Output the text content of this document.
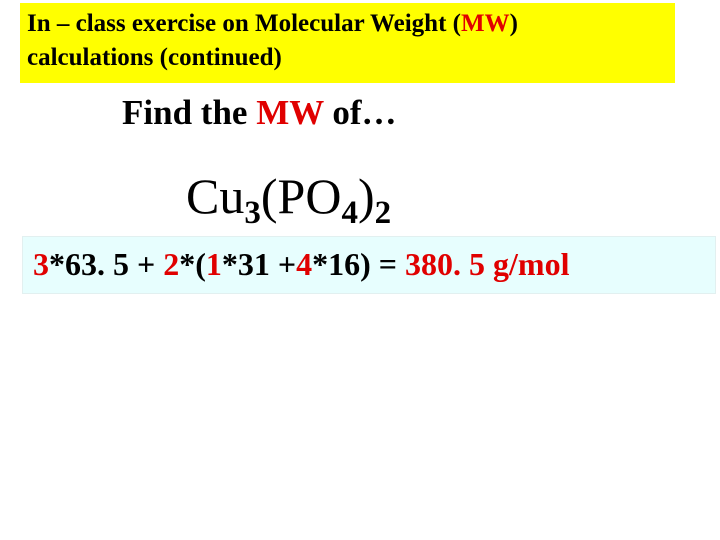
In – class exercise on Molecular Weight (MW)
calculations (continued)
Find the MW of…
$Cu_3(PO_4)_2$
3*63. 5 + 2*(1*31 +4*16) = 380. 5 g/mol
